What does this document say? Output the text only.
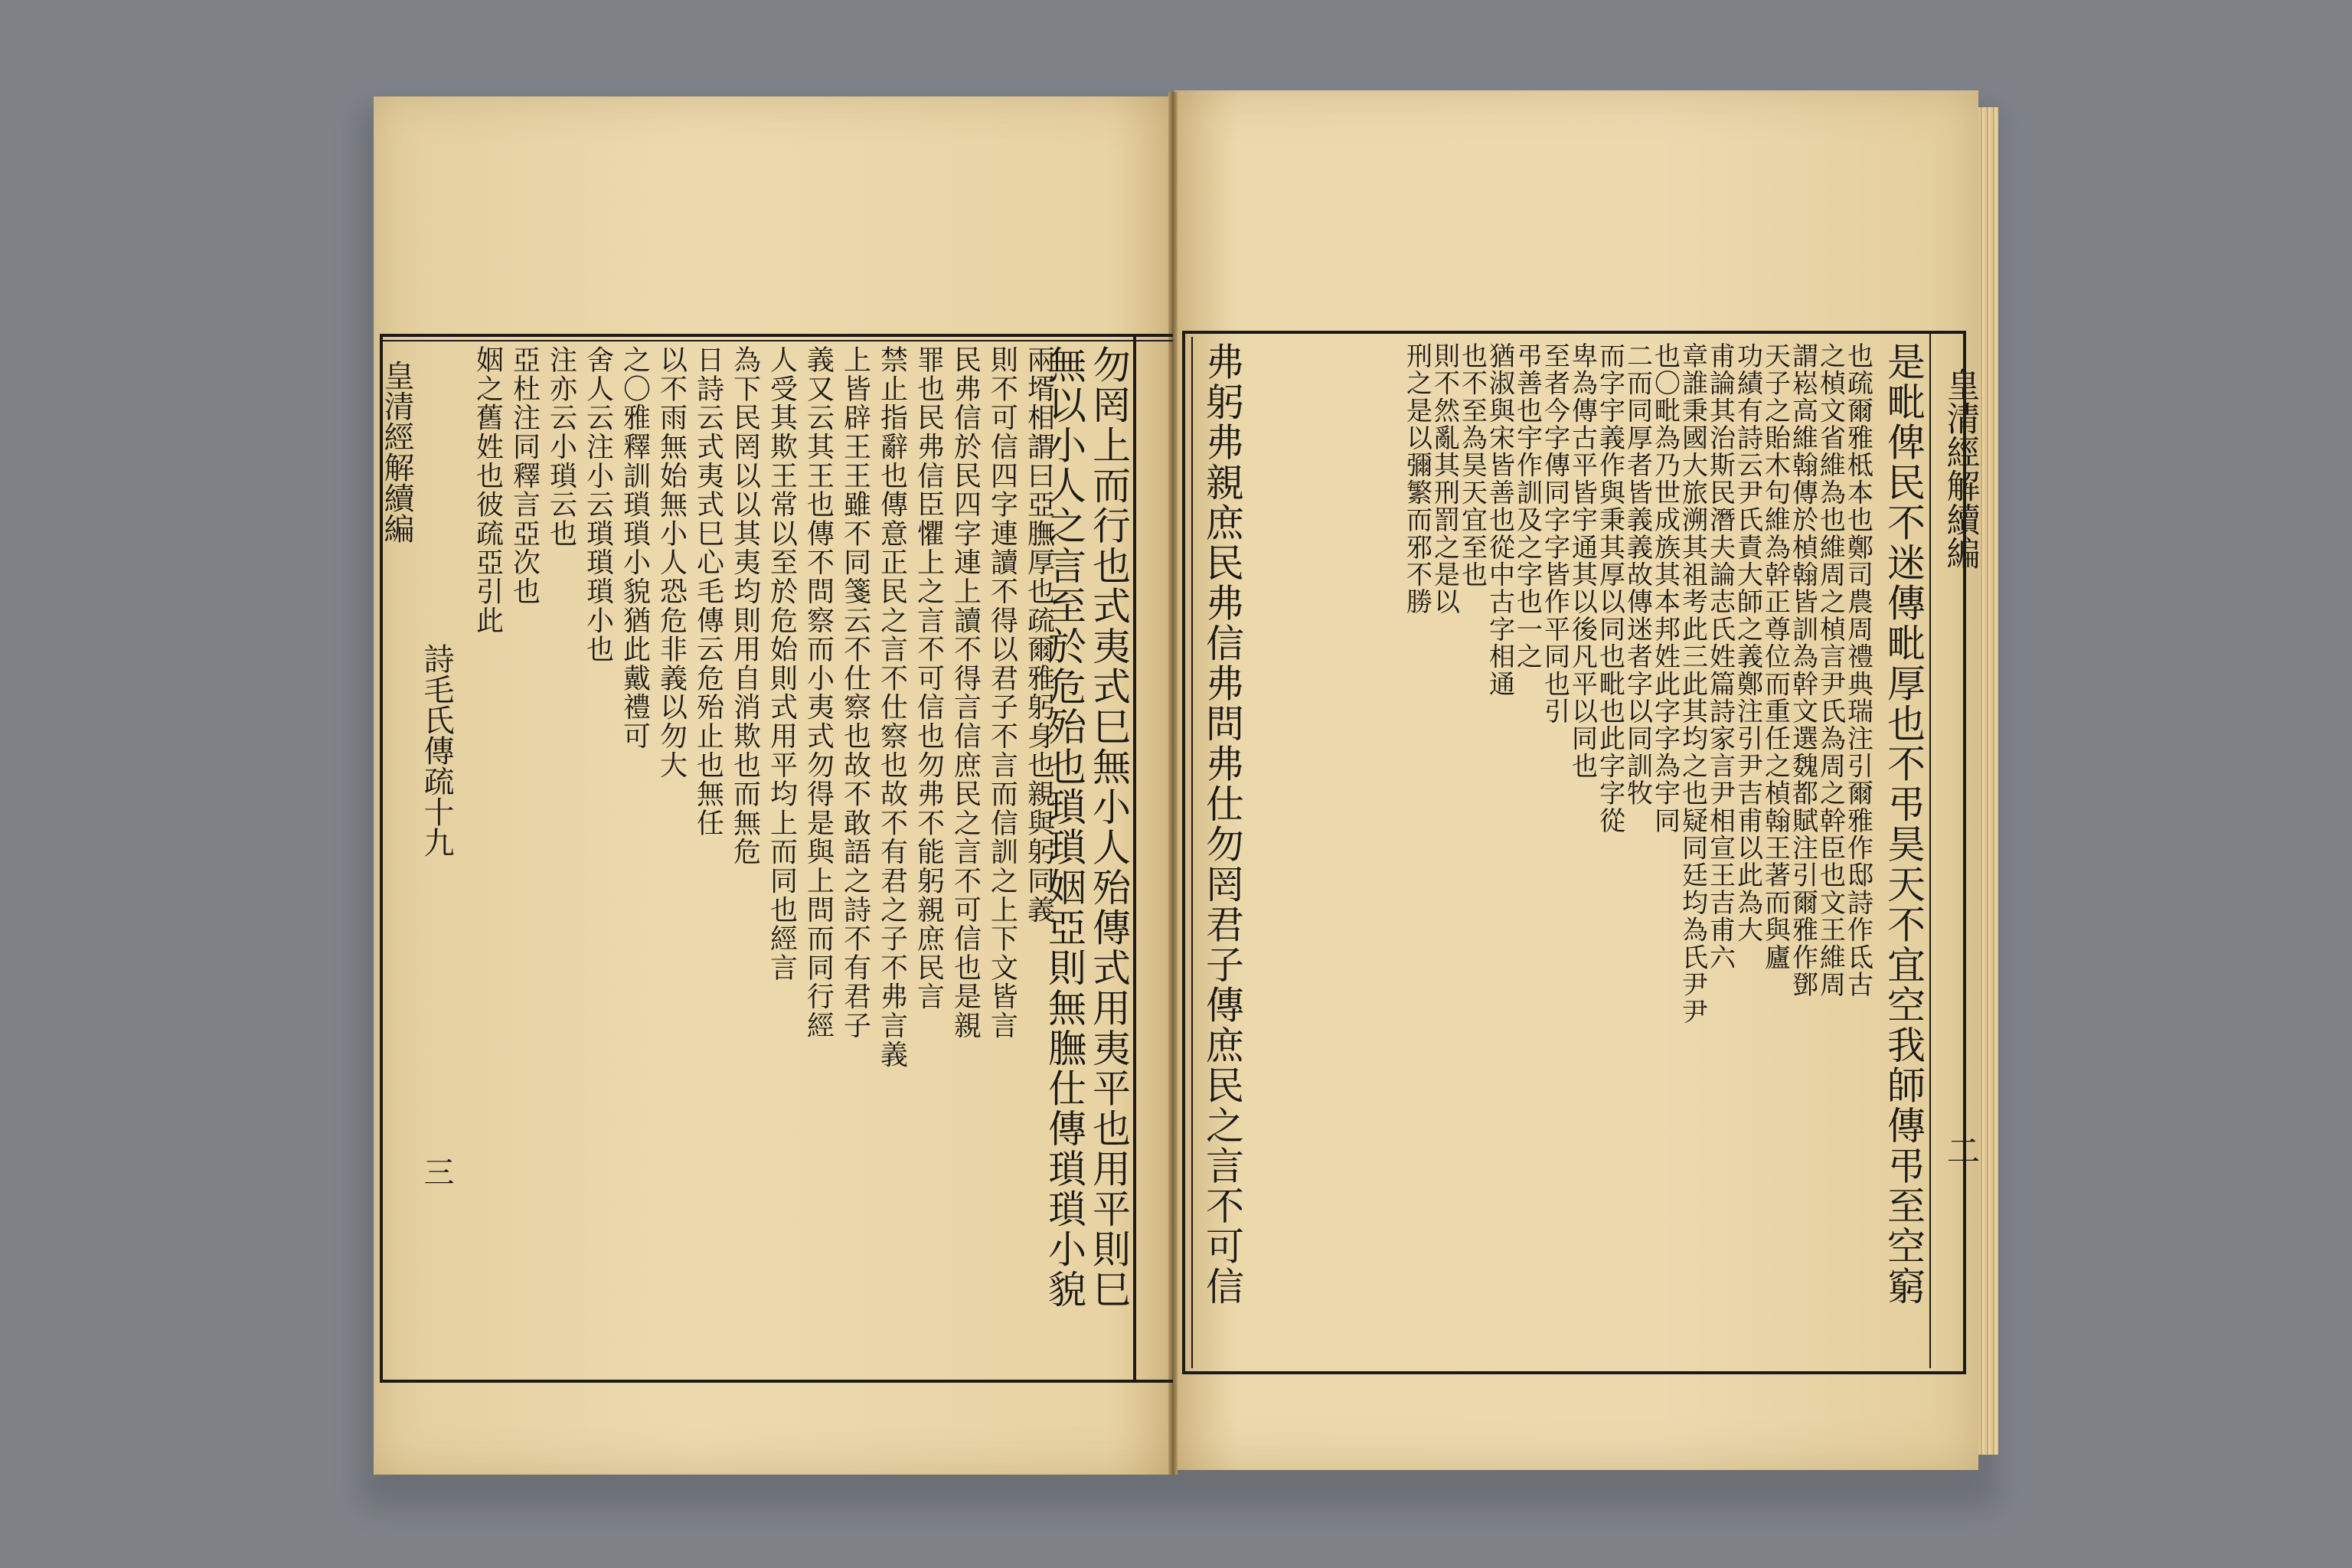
是毗俾民不迷傳毗厚也不弔昊天不宜空我師傳弔至空窮
弗躬弗親庶民弗信弗問弗仕勿罔君子傳庶民之言不可信
也疏爾雅柢本也鄭司農周禮典瑞注引爾雅作邸詩作氐古
之楨文省維為也維周之楨言尹氏為周之幹臣也文王維周
謂崧高維翰傳於楨翰皆訓為幹文選魏都賦注引爾雅作鄧
天子之貽木句維為幹正尊位而重任之楨翰王著而與廬
功績有詩云尹氏責大師之義鄭注引尹吉甫以此為大
甫論其治斯民潛夫論志氏姓篇詩家言尹相宣王吉甫六
章誰秉國大旅溯其祖考此三此其均之也疑同廷均為氏尹尹
也〇毗為乃世成族其本邦姓此字字為宇同
二而同厚者皆義義故傳迷者字以同訓牧
而字宇義作與秉其厚以同也毗也此字字從
卑為傳古平皆宇通其以後凡平以同也
至者今字傳同字字皆作平同也引
弔善也宇作訓及之字也一之
猶淑與宋皆善也從中古字相通
也不至為昊天宜至也
則不然亂其刑罰之是以
刑之是以彌繁而邪不勝
勿罔上而行也式夷式巳無小人殆傳式用夷平也用平則巳
無以小人之言至於危殆也瑣瑣姻亞則無膴仕傳瑣瑣小貌
兩壻相謂曰亞膴厚也疏爾雅躬身也親與躬同義
則不可信四字連讀不得以君子不言而信訓之上下文皆言
民弗信於民四字連上讀不得言信庶民之言不可信也是親
罪也民弗信臣懼上之言不可信也勿弗不能躬親庶民言
禁止指辭也傳意正民之言不仕察也故不有君之子不弗言義
上皆辟王王雖不同箋云不仕察也故不敢語之詩不有君子
義又云其王也傳不問察而小夷式勿得是與上問而同行經
人受其欺王常以至於危始則式用平均上而同也經言
為下民罔以以其夷均則用自消欺也而無危
日詩云式夷式巳心毛傳云危殆止也無任
以不雨無始無小人恐危非義以勿大
之〇雅釋訓瑣瑣小貌猶此戴禮可
舍人云注小云瑣瑣瑣小也
注亦云小瑣云也
亞杜注同釋言亞次也
姻之舊姓也彼疏亞引此
皇清經解續編
二
皇清經解續編
詩毛氏傳疏十九
三
